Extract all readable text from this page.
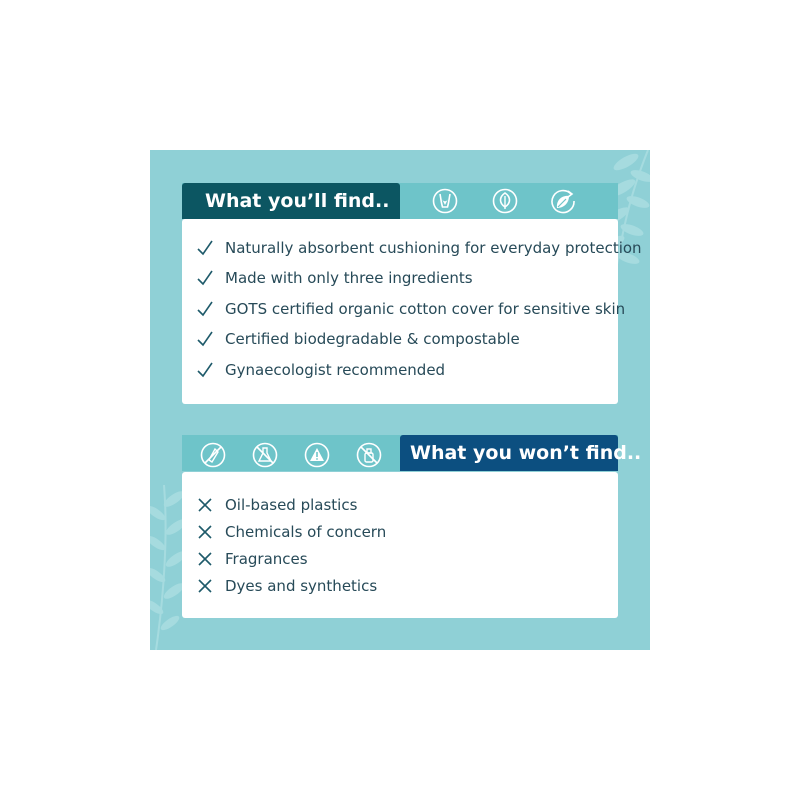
What you’ll find..
Naturally absorbent cushioning for everyday protection
Made with only three ingredients
GOTS certified organic cotton cover for sensitive skin
Certified biodegradable & compostable
Gynaecologist recommended
What you won’t find..
Oil-based plastics
Chemicals of concern
Fragrances
Dyes and synthetics
